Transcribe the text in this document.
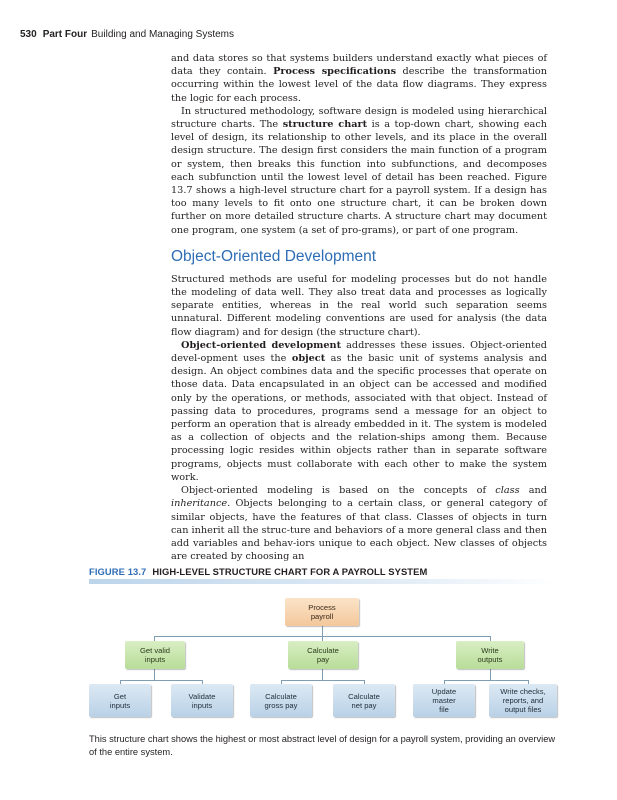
530 Part Four Building and Managing Systems

and data stores so that systems builders understand exactly what pieces of data they contain. Process specifications describe the transformation occurring within the lowest level of the data flow diagrams. They express the logic for each process.

In structured methodology, software design is modeled using hierarchical structure charts. The structure chart is a top-down chart, showing each level of design, its relationship to other levels, and its place in the overall design structure. The design first considers the main function of a program or system, then breaks this function into subfunctions, and decomposes each subfunction until the lowest level of detail has been reached. Figure 13.7 shows a high-level structure chart for a payroll system. If a design has too many levels to fit onto one structure chart, it can be broken down further on more detailed structure charts. A structure chart may document one program, one system (a set of pro-grams), or part of one program.

Object-Oriented Development

Structured methods are useful for modeling processes but do not handle the modeling of data well. They also treat data and processes as logically separate entities, whereas in the real world such separation seems unnatural. Different modeling conventions are used for analysis (the data flow diagram) and for design (the structure chart).

Object-oriented development addresses these issues. Object-oriented devel-opment uses the object as the basic unit of systems analysis and design. An object combines data and the specific processes that operate on those data. Data encapsulated in an object can be accessed and modified only by the operations, or methods, associated with that object. Instead of passing data to procedures, programs send a message for an object to perform an operation that is already embedded in it. The system is modeled as a collection of objects and the relation-ships among them. Because processing logic resides within objects rather than in separate software programs, objects must collaborate with each other to make the system work.

Object-oriented modeling is based on the concepts of class and inheritance. Objects belonging to a certain class, or general category of similar objects, have the features of that class. Classes of objects in turn can inherit all the struc-ture and behaviors of a more general class and then add variables and behav-iors unique to each object. New classes of objects are created by choosing an

FIGURE 13.7 HIGH-LEVEL STRUCTURE CHART FOR A PAYROLL SYSTEM
Process
payroll
Get valid
inputs
Calculate
pay
Write
outputs
Get
inputs
Validate
inputs
Calculate
gross pay
Calculate
net pay
Update
master
file
Write checks,
reports, and
output files
This structure chart shows the highest or most abstract level of design for a payroll system, providing an overview of the entire system.
